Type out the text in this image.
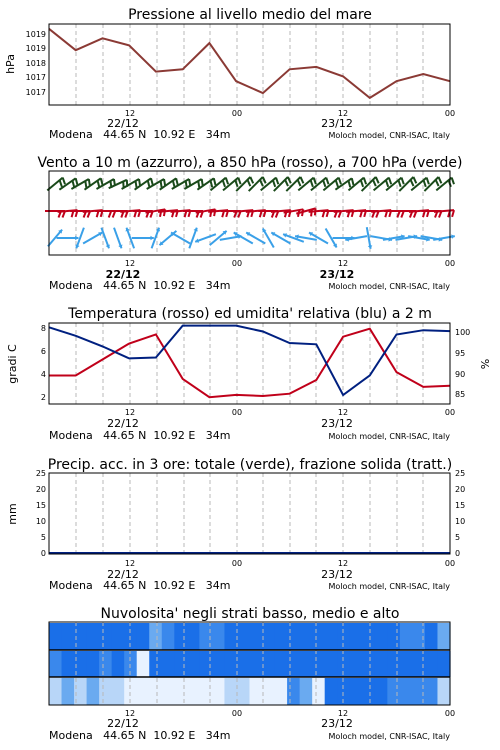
Pressione al livello medio del mare
1019
1019
1018
1017
1017
hPa
12	00	12	00
22/12	23/12
Modena   44.65 N  10.92 E   34m	Moloch model, CNR-ISAC, Italy
Vento a 10 m (azzurro), a 850 hPa (rosso), a 700 hPa (verde)
12	00	12	00
22/12	23/12
Modena   44.65 N  10.92 E   34m	Moloch model, CNR-ISAC, Italy
Temperatura (rosso) ed umidita' relativa (blu) a 2 m
8
6
4
2
100
95
90
85
gradi C	%
12	00	12	00
22/12	23/12
Modena   44.65 N  10.92 E   34m	Moloch model, CNR-ISAC, Italy
Precip. acc. in 3 ore: totale (verde), frazione solida (tratt.)
25
20
15
10
5
0
25
20
15
10
5
0
mm
12	00	12	00
22/12	23/12
Modena   44.65 N  10.92 E   34m	Moloch model, CNR-ISAC, Italy
Nuvolosita' negli strati basso, medio e alto
12	00	12	00
22/12	23/12
Modena   44.65 N  10.92 E   34m	Moloch model, CNR-ISAC, Italy
